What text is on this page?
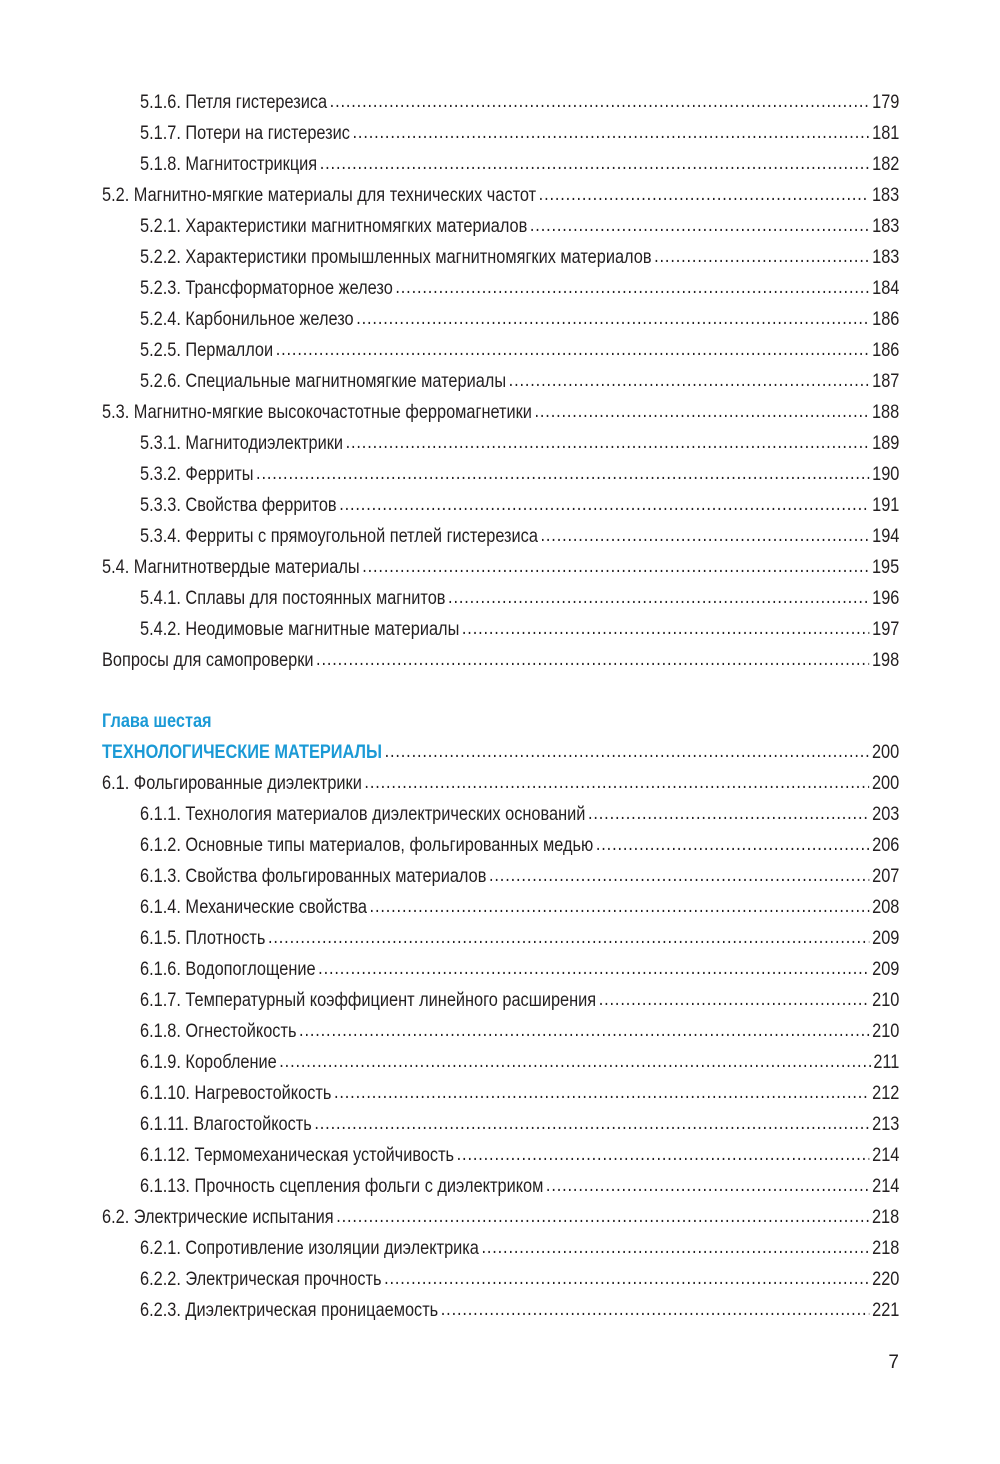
5.1.6. Петля гистерезиса .....	179
5.1.7. Потери на гистерезис .....	181
5.1.8. Магнитострикция .....	182
5.2. Магнитно-мягкие материалы для технических частот .....	183
5.2.1. Характеристики магнитномягких материалов .....	183
5.2.2. Характеристики промышленных магнитномягких материалов .....	183
5.2.3. Трансформаторное железо .....	184
5.2.4. Карбонильное железо .....	186
5.2.5. Пермаллои .....	186
5.2.6. Специальные магнитномягкие материалы .....	187
5.3. Магнитно-мягкие высокочастотные ферромагнетики .....	188
5.3.1. Магнитодиэлектрики .....	189
5.3.2. Ферриты .....	190
5.3.3. Свойства ферритов .....	191
5.3.4. Ферриты с прямоугольной петлей гистерезиса .....	194
5.4. Магнитнотвердые материалы .....	195
5.4.1. Сплавы для постоянных магнитов .....	196
5.4.2. Неодимовые магнитные материалы .....	197
Вопросы для самопроверки .....	198
Глава шестая
ТЕХНОЛОГИЧЕСКИЕ МАТЕРИАЛЫ .....	200
6.1. Фольгированные диэлектрики .....	200
6.1.1. Технология материалов диэлектрических оснований .....	203
6.1.2. Основные типы материалов, фольгированных медью .....	206
6.1.3. Свойства фольгированных материалов .....	207
6.1.4. Механические свойства .....	208
6.1.5. Плотность .....	209
6.1.6. Водопоглощение .....	209
6.1.7. Температурный коэффициент линейного расширения .....	210
6.1.8. Огнестойкость .....	210
6.1.9. Коробление .....	211
6.1.10. Нагревостойкость .....	212
6.1.11. Влагостойкость .....	213
6.1.12. Термомеханическая устойчивость .....	214
6.1.13. Прочность сцепления фольги с диэлектриком .....	214
6.2. Электрические испытания .....	218
6.2.1. Сопротивление изоляции диэлектрика .....	218
6.2.2. Электрическая прочность .....	220
6.2.3. Диэлектрическая проницаемость .....	221
7
